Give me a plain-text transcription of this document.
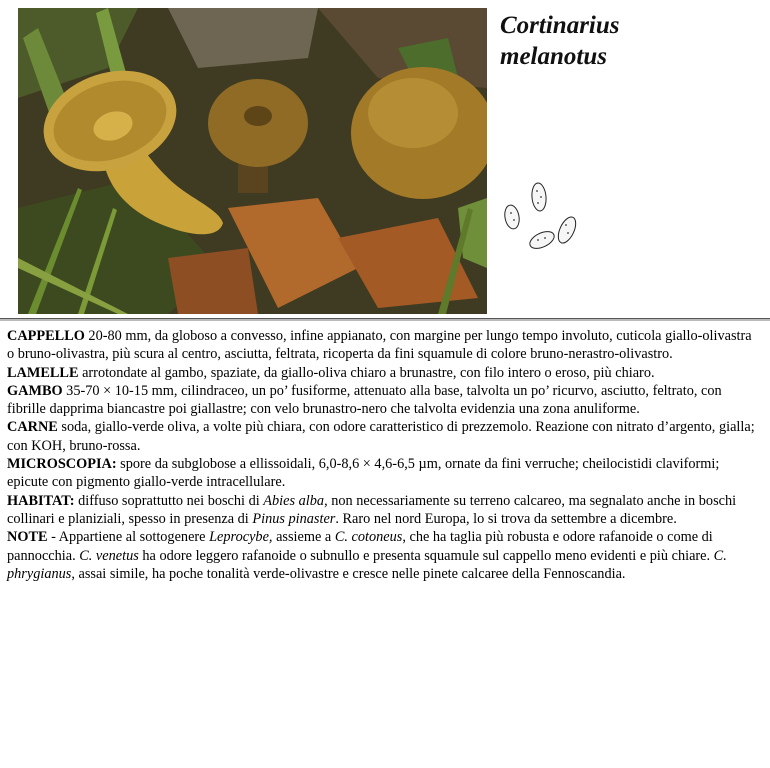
Cortinarius
melanotus

CAPPELLO 20-80 mm, da globoso a convesso, infine appianato, con margine per lungo tempo involuto, cuticola giallo-olivastra o bruno-olivastra, più scura al centro, asciutta, feltrata, ricoperta da fini squamule di colore bruno-nerastro-olivastro.

LAMELLE arrotondate al gambo, spaziate, da giallo-oliva chiaro a brunastre, con filo intero o eroso, più chiaro.

GAMBO 35-70 × 10-15 mm, cilindraceo, un po’ fusiforme, attenuato alla base, talvolta un po’ ricurvo, asciutto, feltrato, con fibrille dapprima biancastre poi giallastre; con velo brunastro-nero che talvolta evidenzia una zona anuliforme.

CARNE soda, giallo-verde oliva, a volte più chiara, con odore caratteristico di prezzemolo. Reazione con nitrato d’argento, gialla; con KOH, bruno-rossa.

MICROSCOPIA: spore da subglobose a ellissoidali, 6,0-8,6 × 4,6-6,5 µm, ornate da fini verruche; cheilocistidi claviformi; epicute con pigmento giallo-verde intracellulare.

HABITAT: diffuso soprattutto nei boschi di Abies alba, non necessariamente su terreno calcareo, ma segnalato anche in boschi collinari e planiziali, spesso in presenza di Pinus pinaster. Raro nel nord Europa, lo si trova da settembre a dicembre.

NOTE - Appartiene al sottogenere Leprocybe, assieme a C. cotoneus, che ha taglia più robusta e odore rafanoide o come di pannocchia. C. venetus ha odore leggero rafanoide o subnullo e presenta squamule sul cappello meno evidenti e più chiare. C. phrygianus, assai simile, ha poche tonalità verde-olivastre e cresce nelle pinete calcaree della Fennoscandia.
